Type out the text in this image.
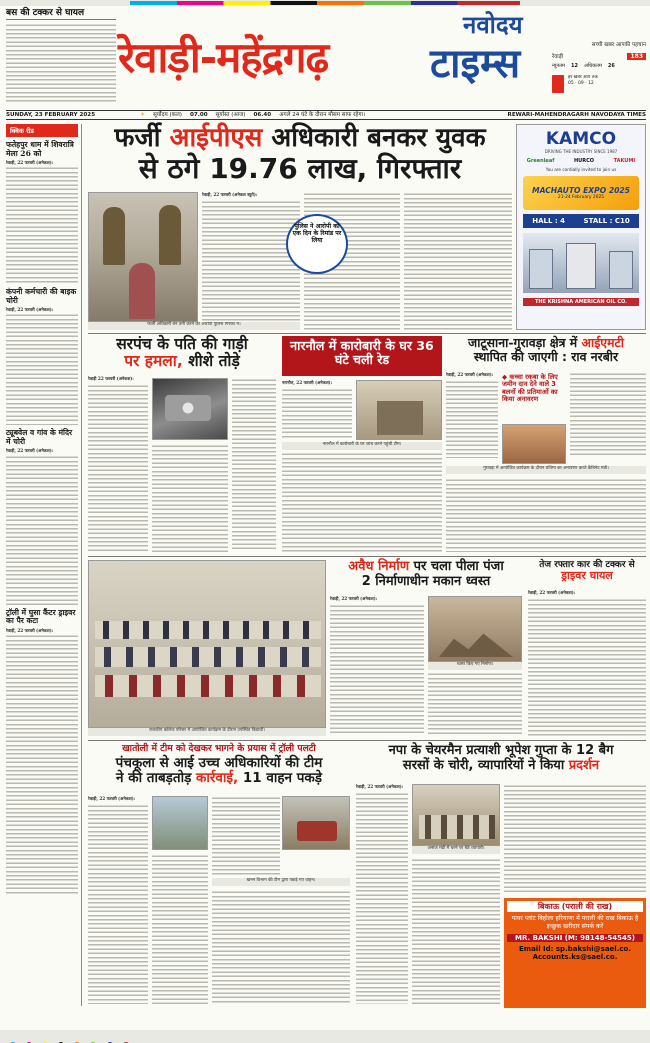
बस की टक्कर से घायल
रेवाड़ी-महेंद्रगढ़
नवोदय
टाइम्स	सच्ची खबर आपकी पहचान
रेवाड़ी	183
न्यूनतम 12 अधिकतम 26
हर खबर आप तक
05 · 09 · 12
SUNDAY, 23 FEBRUARY 2025	☀ सूर्योदय (कल) 07.00 सूर्यास्त (आज) 06.40 अगले 24 घंटे के दौरान मौसम साफ रहेगा।	REWARI-MAHENDRAGARH NAVODAYA TIMES
क्विक रीड
फतेहपुर धाम में शिवरात्रि मेला 26 को
रेवाड़ी, 22 फरवरी (अनेकश):
कंपनी कर्मचारी की बाइक चोरी
रेवाड़ी, 22 फरवरी (अनेकश):
ट्यूबवेल व गांव के मंदिर में चोरी
रेवाड़ी, 22 फरवरी (अनेकश):
ट्रॉली में घुसा कैंटर ड्राइवर का पैर कटा
रेवाड़ी, 22 फरवरी (अनेकश):
फर्जी आईपीएस अधिकारी बनकर युवक
से ठगे 19.76 लाख, गिरफ्तार
फर्जी अधिकारी बन ठगी करने का आरोपी पुलिस गिरफ्त में।
रेवाड़ी, 22 फरवरी (अनेकश ब्यूरो):
पुलिस ने आरोपी को एक दिन के रिमांड पर लिया
KAMCO
DRIVING THE INDUSTRY SINCE 1987
Greenleaf	HURCO	TAKUMI
You are cordially invited to join us
MACHAUTO EXPO 2025
21-24 February 2025
HALL : 4	STALL : C10
THE KRISHNA AMERICAN OIL CO.
सरपंच के पति की गाड़ी
पर हमला, शीशे तोड़े
रेवाड़ी 22 फरवरी (अनेकश):
नारनौल में कारोबारी के घर 36 घंटे चली रेड
नारनौल, 22 फरवरी (अनेकश):
नारनौल में कारोबारी के घर जांच करने पहुंची टीम।
जाटूसाना-गुरावड़ा क्षेत्र में आईएमटी
स्थापित की जाएगी : राव नरबीर
रेवाड़ी, 22 फरवरी (अनेकश):	◆ कच्चा रकबा के लिए जमीन दान देने वाले 3 बलनों की प्रतिमाओं का किया अनावरण
गुरावड़ा में आयोजित कार्यक्रम के दौरान प्रतिमा का अनावरण करते कैबिनेट मंत्री।
राजकीय कॉलेज परिसर में आयोजित कार्यक्रम के दौरान उपस्थित विद्यार्थी।
अवैध निर्माण पर चला पीला पंजा
2 निर्माणाधीन मकान ध्वस्त
रेवाड़ी, 22 फरवरी (अनेकश):
ध्वस्त किए गए निर्माण।
तेज रफ्तार कार की टक्कर से
ड्राइवर घायल
रेवाड़ी, 22 फरवरी (अनेकश):
खातोली में टीम को देखकर भागने के प्रयास में ट्रॉली पलटी
पंचकूला से आई उच्च अधिकारियों की टीम
ने की ताबड़तोड़ कार्रवाई, 11 वाहन पकड़े
रेवाड़ी, 22 फरवरी (अनेकश):
खनन विभाग की टीम द्वारा पकड़े गए वाहन।
नपा के चेयरमैन प्रत्याशी भूपेश गुप्ता के 12 बैग
सरसों के चोरी, व्यापारियों ने किया प्रदर्शन
रेवाड़ी, 22 फरवरी (अनेकश):
अनाज मंडी में धरने पर बैठे व्यापारी।
बिकाऊ (पराली की राख)
पावर प्लांट बिहोला हरियाणा में पराली की राख बिकाऊ है इच्छुक खरीदार संपर्क करें
MR. BAKSHI (M: 98148-54545)
Email Id: sp.bakshi@sael.co.
Accounts.ks@sael.co.
